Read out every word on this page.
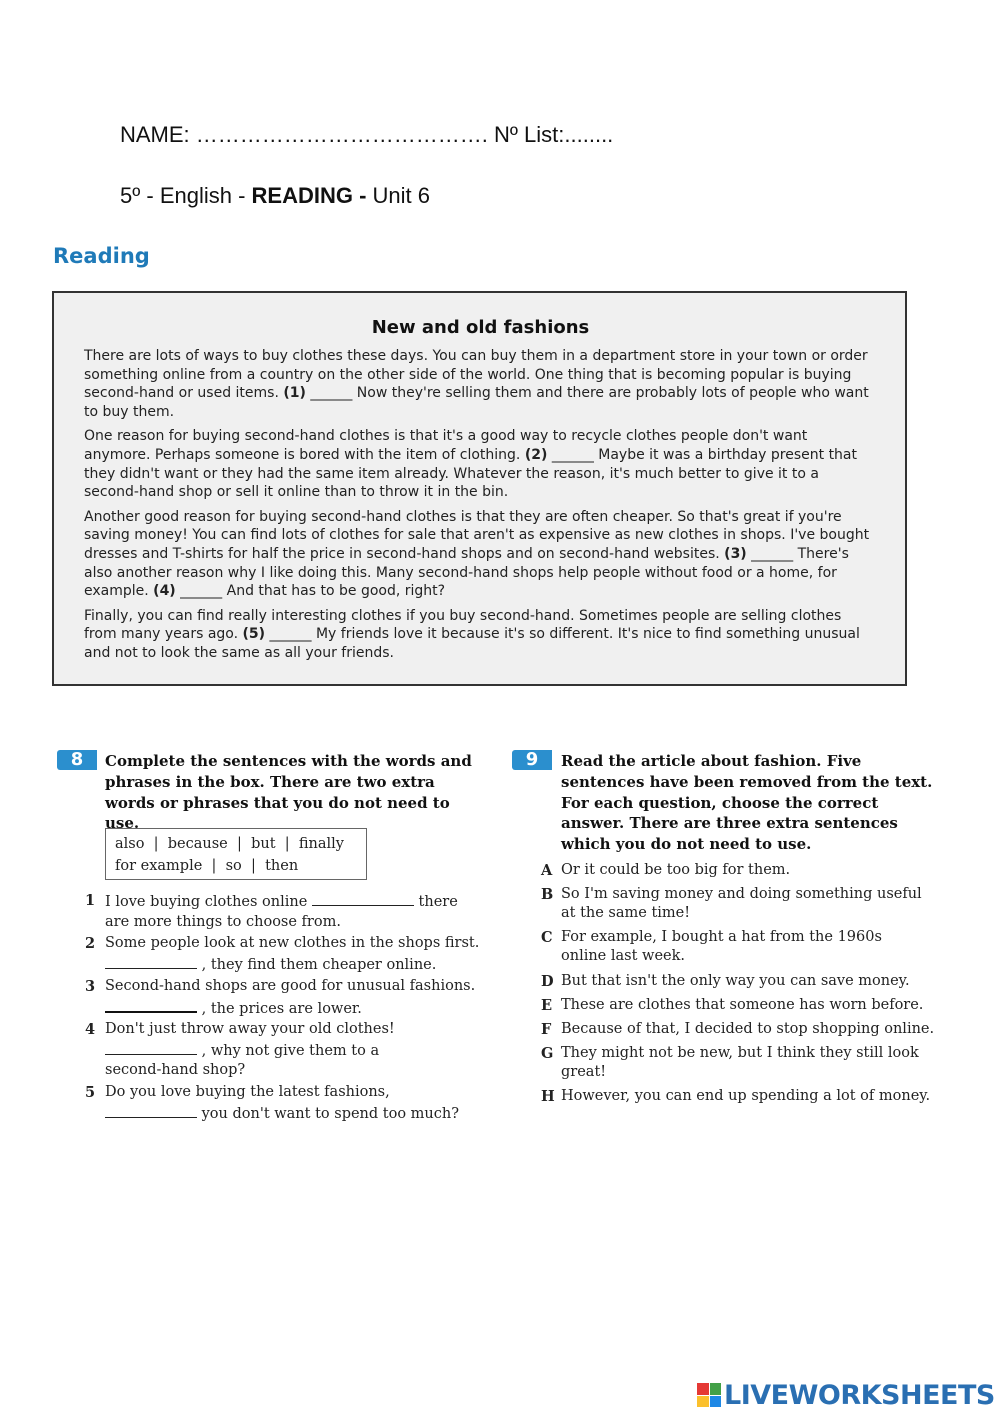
NAME: …………………………………. Nº List:........
5º - English - READING - Unit 6
Reading
New and old fashions

There are lots of ways to buy clothes these days. You can buy them in a department store in your town or order something online from a country on the other side of the world. One thing that is becoming popular is buying second-hand or used items. (1) ______ Now they're selling them and there are probably lots of people who want to buy them.

One reason for buying second-hand clothes is that it's a good way to recycle clothes people don't want anymore. Perhaps someone is bored with the item of clothing. (2) ______ Maybe it was a birthday present that they didn't want or they had the same item already. Whatever the reason, it's much better to give it to a second-hand shop or sell it online than to throw it in the bin.

Another good reason for buying second-hand clothes is that they are often cheaper. So that's great if you're saving money! You can find lots of clothes for sale that aren't as expensive as new clothes in shops. I've bought dresses and T-shirts for half the price in second-hand shops and on second-hand websites. (3) ______ There's also another reason why I like doing this. Many second-hand shops help people without food or a home, for example. (4) ______ And that has to be good, right?

Finally, you can find really interesting clothes if you buy second-hand. Sometimes people are selling clothes from many years ago. (5) ______ My friends love it because it's so different. It's nice to find something unusual and not to look the same as all your friends.

8	Complete the sentences with the words and phrases in the box. There are two extra words or phrases that you do not need to use.
also  |  because  |  but  |  finally
for example  |  so  |  then
1 I love buying clothes online	there are more things to choose from.
2 Some people look at new clothes in the shops first.  , they find them cheaper online.
3 Second-hand shops are good for unusual fashions.  , the prices are lower.
4 Don't just throw away your old clothes!
, why not give them to a second-hand shop?
5 Do you love buying the latest fashions,
you don't want to spend too much?
9	Read the article about fashion. Five sentences have been removed from the text. For each question, choose the correct answer. There are three extra sentences which you do not need to use.
A Or it could be too big for them.
B So I'm saving money and doing something useful at the same time!
C For example, I bought a hat from the 1960s online last week.
D But that isn't the only way you can save money.
E These are clothes that someone has worn before.
F Because of that, I decided to stop shopping online.
G They might not be new, but I think they still look great!
H However, you can end up spending a lot of money.
LIVEWORKSHEETS
